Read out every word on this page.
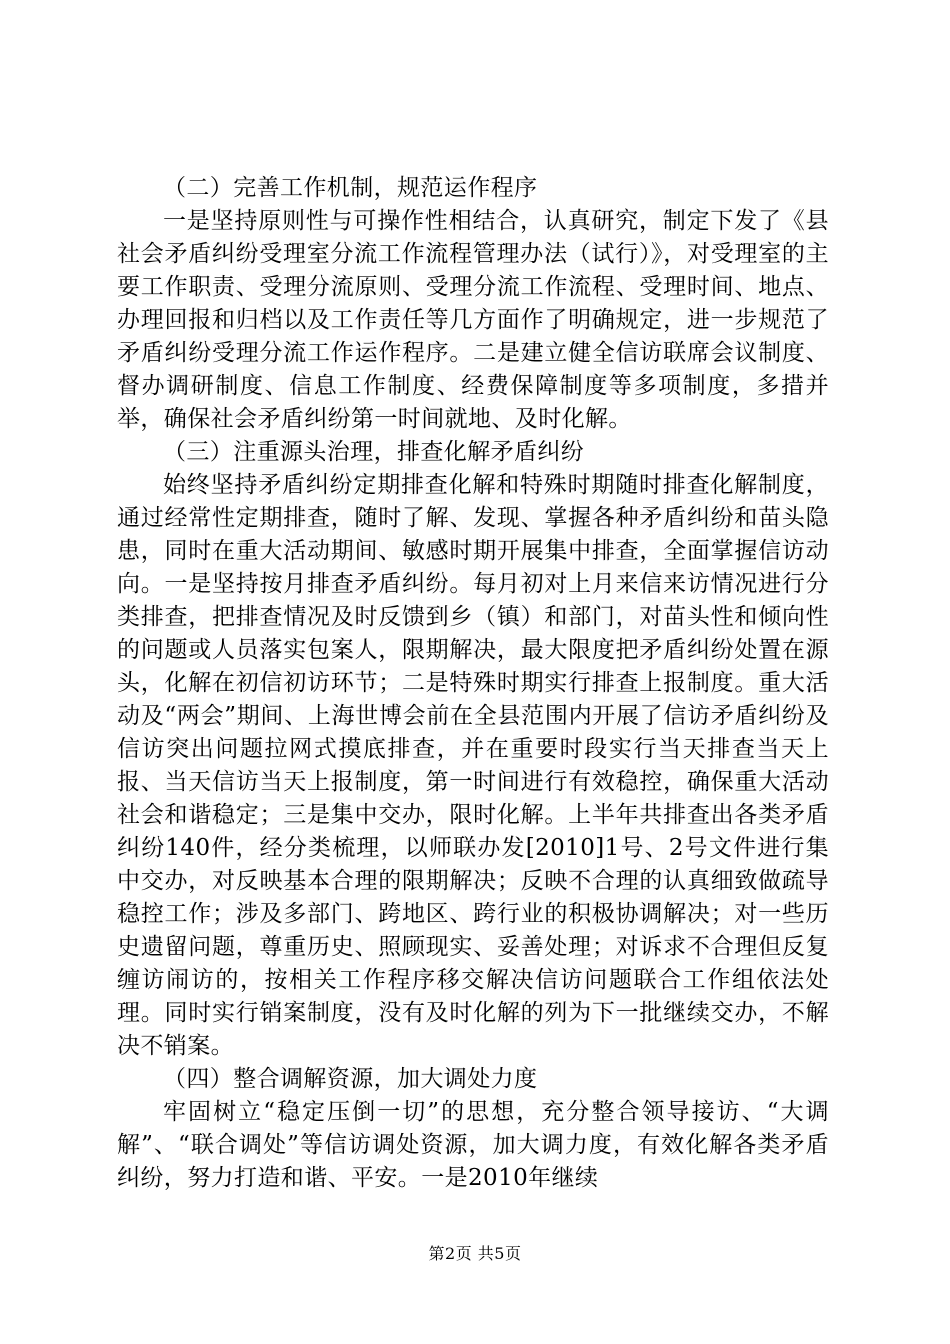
（二）完善工作机制，规范运作程序

一是坚持原则性与可操作性相结合，认真研究，制定下发了《县社会矛盾纠纷受理室分流工作流程管理办法（试行）》，对受理室的主要工作职责、受理分流原则、受理分流工作流程、受理时间、地点、办理回报和归档以及工作责任等几方面作了明确规定，进一步规范了矛盾纠纷受理分流工作运作程序。二是建立健全信访联席会议制度、督办调研制度、信息工作制度、经费保障制度等多项制度，多措并举，确保社会矛盾纠纷第一时间就地、及时化解。

（三）注重源头治理，排查化解矛盾纠纷

始终坚持矛盾纠纷定期排查化解和特殊时期随时排查化解制度，通过经常性定期排查，随时了解、发现、掌握各种矛盾纠纷和苗头隐患，同时在重大活动期间、敏感时期开展集中排查，全面掌握信访动向。一是坚持按月排查矛盾纠纷。每月初对上月来信来访情况进行分类排查，把排查情况及时反馈到乡（镇）和部门，对苗头性和倾向性的问题或人员落实包案人，限期解决，最大限度把矛盾纠纷处置在源头，化解在初信初访环节；二是特殊时期实行排查上报制度。重大活动及“两会”期间、上海世博会前在全县范围内开展了信访矛盾纠纷及信访突出问题拉网式摸底排查，并在重要时段实行当天排查当天上报、当天信访当天上报制度，第一时间进行有效稳控，确保重大活动社会和谐稳定；三是集中交办，限时化解。上半年共排查出各类矛盾纠纷140件，经分类梳理，以师联办发[2010]1号、2号文件进行集中交办，对反映基本合理的限期解决；反映不合理的认真细致做疏导稳控工作；涉及多部门、跨地区、跨行业的积极协调解决；对一些历史遗留问题，尊重历史、照顾现实、妥善处理；对诉求不合理但反复缠访闹访的，按相关工作程序移交解决信访问题联合工作组依法处理。同时实行销案制度，没有及时化解的列为下一批继续交办，不解决不销案。

（四）整合调解资源，加大调处力度

牢固树立“稳定压倒一切”的思想，充分整合领导接访、“大调解”、“联合调处”等信访调处资源，加大调力度，有效化解各类矛盾纠纷，努力打造和谐、平安。一是2010年继续

第2页 共5页
